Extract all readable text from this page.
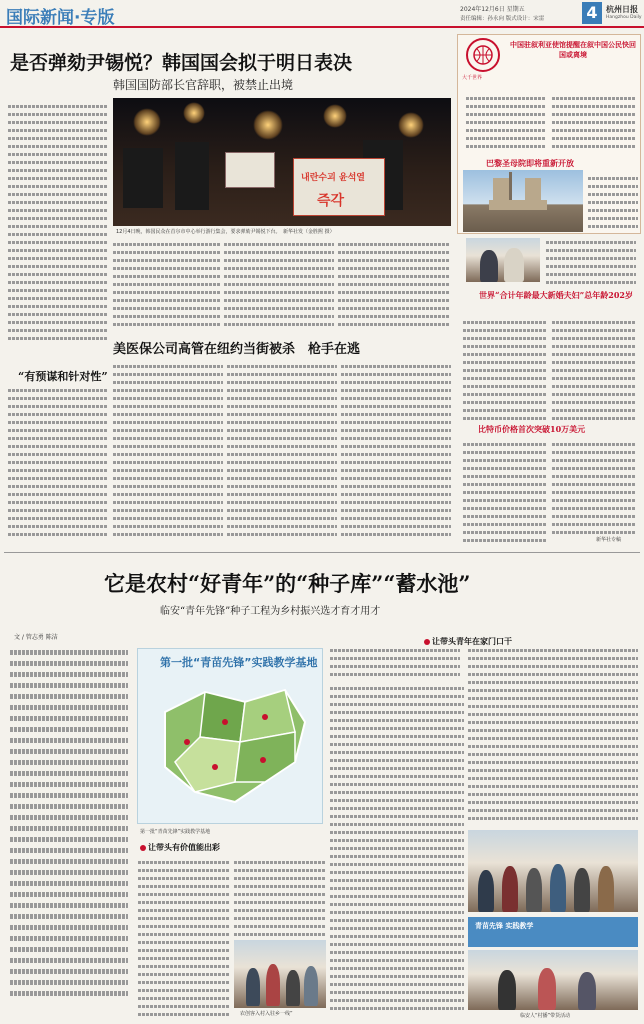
国际新闻·专版	2024年12月6日 星期五
责任编辑：孙永向 版式设计：宋雷	4	杭州日报
Hangzhou Daily
是否弹劾尹锡悦？韩国国会拟于明日表决
韩国国防部长官辞职，被禁止出境
내란수괴 윤석열
즉각
12月4日晚，韩国民众在首尔市中心举行游行集会，要求弹劾尹锡悦下台。　新华社发（金胜熙 摄）
“有预谋和针对性”
美医保公司高管在纽约当街被杀　枪手在逃
大千世界
中国驻叙利亚使馆提醒在叙中国公民快回国或离境
巴黎圣母院即将重新开放
世界“合计年龄最大新婚夫妇”总年龄202岁
比特币价格首次突破10万美元
新华社专稿
它是农村“好青年”的“种子库”“蓄水池”
临安“青年先锋”种子工程为乡村振兴选才育才用才
文 / 管志勇 陈洁
第一批“青苗先锋”实践教学基地
第一批“青苗先锋”实践教学基地
让带头有价值能出彩
农创客入村入驻乡一线”
让带头青年在家门口干
青苗先锋 实践教学
临安人“村播”带货活动
